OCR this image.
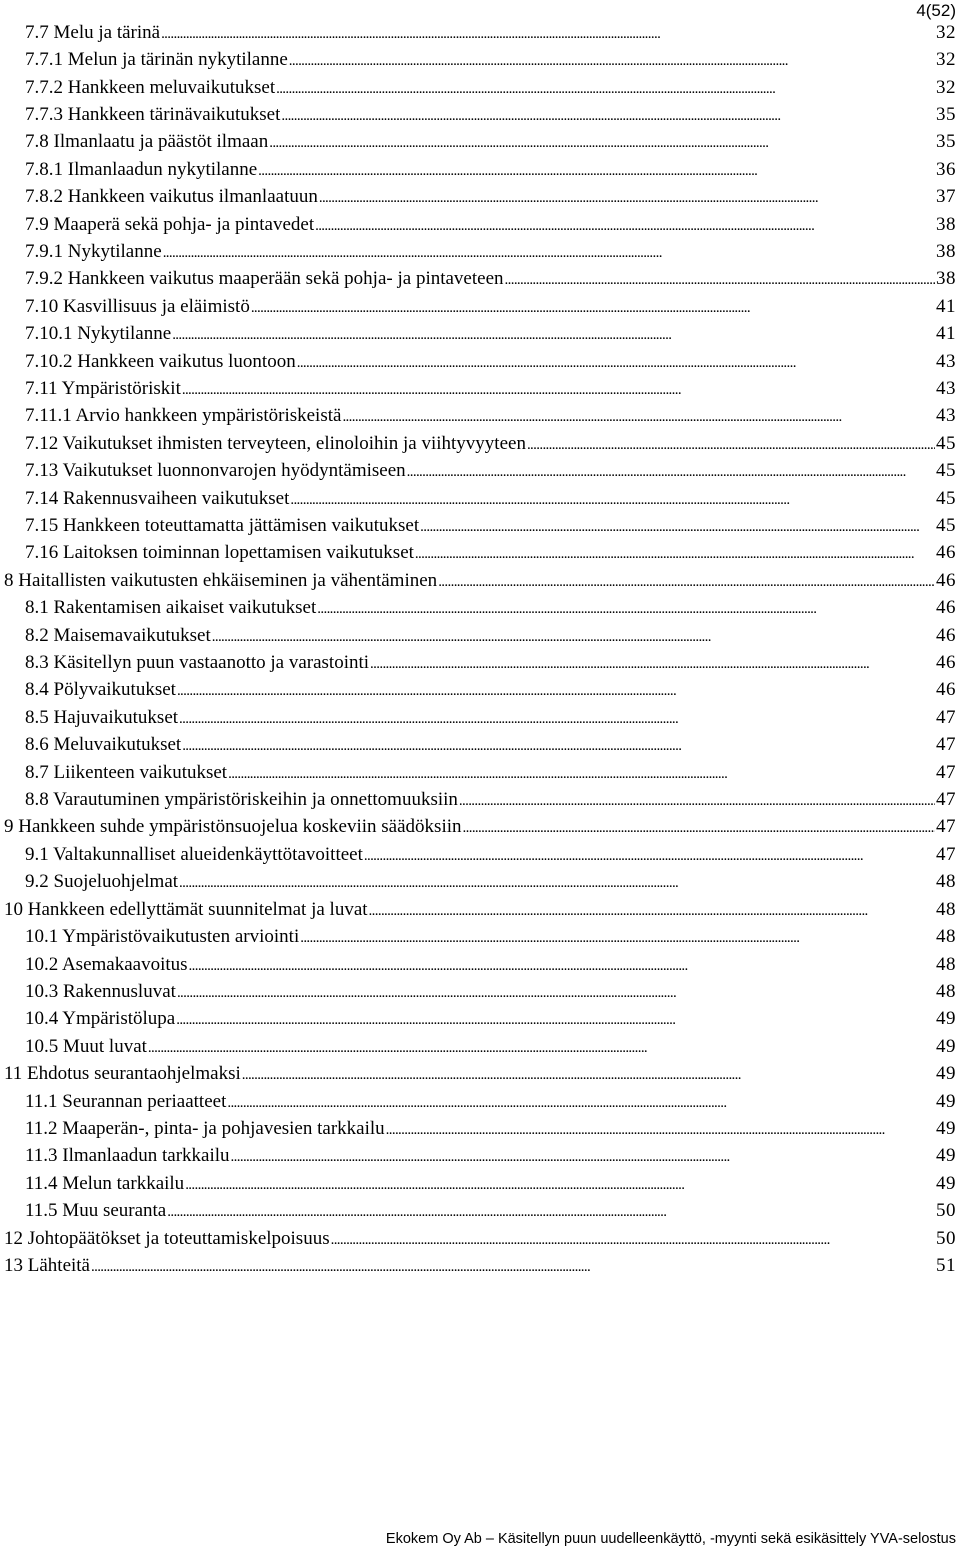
4(52)
7.7 Melu ja tärinä . . .	32
7.7.1 Melun ja tärinän nykytilanne . . .	32
7.7.2 Hankkeen meluvaikutukset . . .	32
7.7.3 Hankkeen tärinävaikutukset . . .	35
7.8 Ilmanlaatu ja päästöt ilmaan . . .	35
7.8.1 Ilmanlaadun nykytilanne . . .	36
7.8.2 Hankkeen vaikutus ilmanlaatuun . . .	37
7.9 Maaperä sekä pohja- ja pintavedet . . .	38
7.9.1 Nykytilanne . . .	38
7.9.2 Hankkeen vaikutus maaperään sekä pohja- ja pintaveteen . . .	38
7.10 Kasvillisuus ja eläimistö . . .	41
7.10.1 Nykytilanne . . .	41
7.10.2 Hankkeen vaikutus luontoon . . .	43
7.11 Ympäristöriskit . . .	43
7.11.1 Arvio hankkeen ympäristöriskeistä . . .	43
7.12 Vaikutukset ihmisten terveyteen, elinoloihin ja viihtyvyyteen . . .	45
7.13 Vaikutukset luonnonvarojen hyödyntämiseen . . .	45
7.14 Rakennusvaiheen vaikutukset . . .	45
7.15 Hankkeen toteuttamatta jättämisen vaikutukset . . .	45
7.16 Laitoksen toiminnan lopettamisen vaikutukset . . .	46
8 Haitallisten vaikutusten ehkäiseminen ja vähentäminen . . .	46
8.1 Rakentamisen aikaiset vaikutukset . . .	46
8.2 Maisemavaikutukset . . .	46
8.3 Käsitellyn puun vastaanotto ja varastointi . . .	46
8.4 Pölyvaikutukset . . .	46
8.5 Hajuvaikutukset . . .	47
8.6 Meluvaikutukset . . .	47
8.7 Liikenteen vaikutukset . . .	47
8.8 Varautuminen ympäristöriskeihin ja onnettomuuksiin . . .	47
9 Hankkeen suhde ympäristönsuojelua koskeviin säädöksiin . . .	47
9.1 Valtakunnalliset alueidenkäyttötavoitteet . . .	47
9.2 Suojeluohjelmat . . .	48
10 Hankkeen edellyttämät suunnitelmat ja luvat . . .	48
10.1 Ympäristövaikutusten arviointi . . .	48
10.2 Asemakaavoitus . . .	48
10.3 Rakennusluvat . . .	48
10.4 Ympäristölupa . . .	49
10.5 Muut luvat . . .	49
11 Ehdotus seurantaohjelmaksi . . .	49
11.1 Seurannan periaatteet . . .	49
11.2 Maaperän-, pinta- ja pohjavesien tarkkailu . . .	49
11.3 Ilmanlaadun tarkkailu . . .	49
11.4 Melun tarkkailu . . .	49
11.5 Muu seuranta . . .	50
12 Johtopäätökset ja toteuttamiskelpoisuus . . .	50
13 Lähteitä . . .	51
Ekokem Oy Ab – Käsitellyn puun uudelleenkäyttö, -myynti sekä esikäsittely YVA-selostus
